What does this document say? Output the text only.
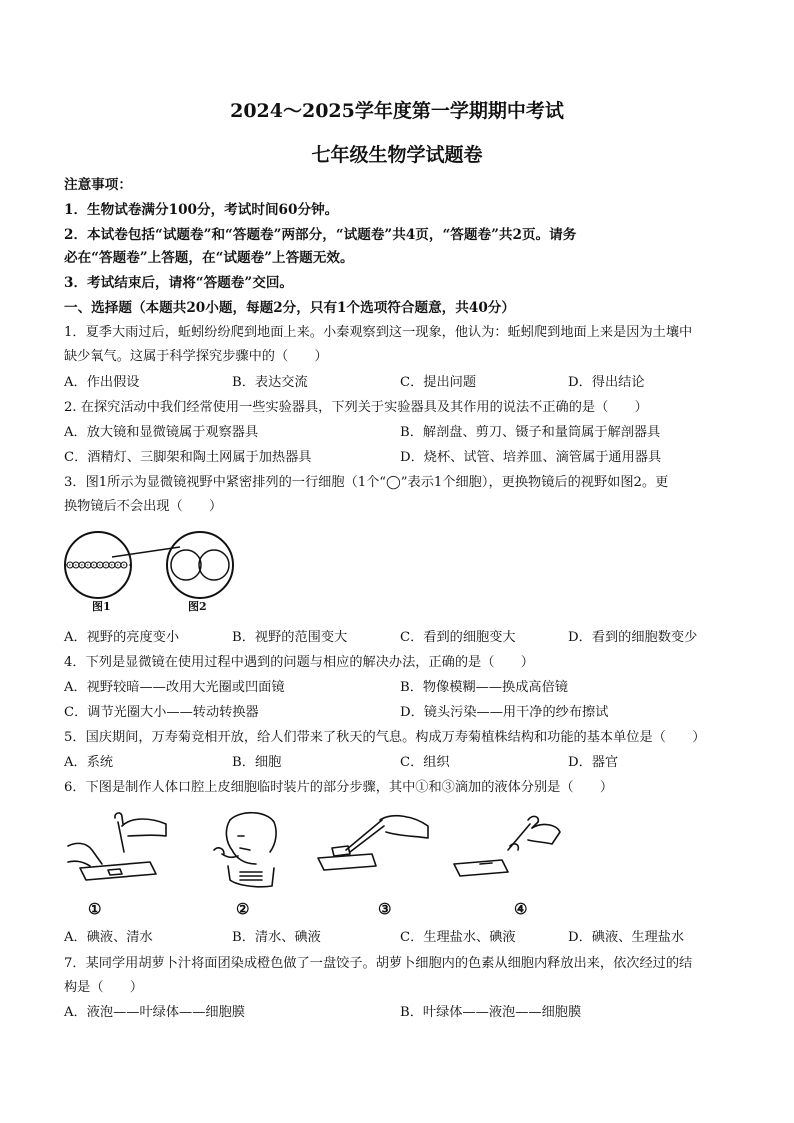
2024～2025学年度第一学期期中考试
七年级生物学试题卷
注意事项：
1．生物试卷满分100分，考试时间60分钟。
2．本试卷包括“试题卷”和“答题卷”两部分，“试题卷”共4页，“答题卷”共2页。请务
必在“答题卷”上答题，在“试题卷”上答题无效。
3．考试结束后，请将“答题卷”交回。
一、选择题（本题共20小题，每题2分，只有1个选项符合题意，共40分）
1．夏季大雨过后，蚯蚓纷纷爬到地面上来。小秦观察到这一现象，他认为：蚯蚓爬到地面上来是因为土壤中
缺少氧气。这属于科学探究步骤中的（　　）
A．作出假设	B．表达交流	C．提出问题	D．得出结论
2. 在探究活动中我们经常使用一些实验器具，下列关于实验器具及其作用的说法不正确的是（　　）
A．放大镜和显微镜属于观察器具	B．解剖盘、剪刀、镊子和量筒属于解剖器具
C．酒精灯、三脚架和陶土网属于加热器具	D．烧杯、试管、培养皿、滴管属于通用器具
3．图1所示为显微镜视野中紧密排列的一行细胞（1个“◯”表示1个细胞），更换物镜后的视野如图2。更
换物镜后不会出现（　　）
图1	图2
A．视野的亮度变小	B．视野的范围变大	C．看到的细胞变大	D．看到的细胞数变少
4．下列是显微镜在使用过程中遇到的问题与相应的解决办法，正确的是（　　）
A．视野较暗——改用大光圈或凹面镜	B．物像模糊——换成高倍镜
C．调节光圈大小——转动转换器	D．镜头污染——用干净的纱布擦试
5．国庆期间，万寿菊竞相开放，给人们带来了秋天的气息。构成万寿菊植株结构和功能的基本单位是（　　）
A．系统	B．细胞	C．组织	D．器官
6．下图是制作人体口腔上皮细胞临时装片的部分步骤，其中①和③滴加的液体分别是（　　）
①	②	③	④
A．碘液、清水	B．清水、碘液	C．生理盐水、碘液	D．碘液、生理盐水
7．某同学用胡萝卜汁将面团染成橙色做了一盘饺子。胡萝卜细胞内的色素从细胞内释放出来，依次经过的结
构是（　　）
A．液泡——叶绿体——细胞膜	B．叶绿体——液泡——细胞膜
